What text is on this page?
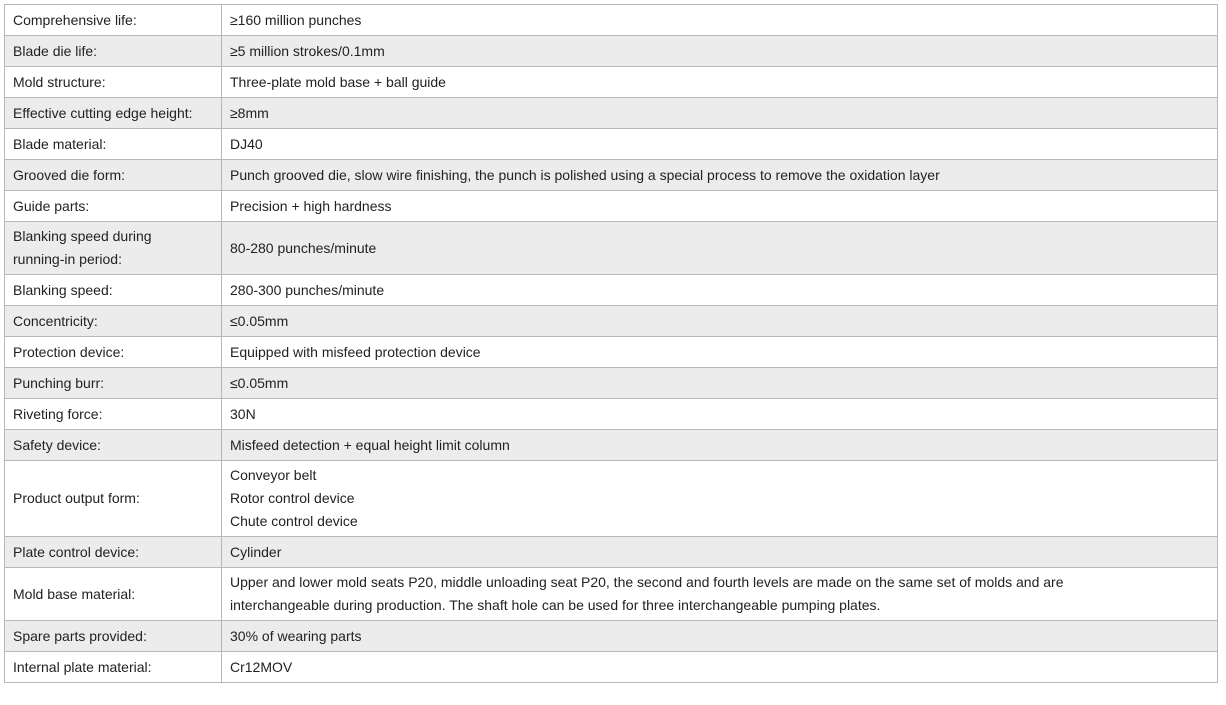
Comprehensive life:	≥160 million punches
Blade die life:	≥5 million strokes/0.1mm
Mold structure:	Three-plate mold base + ball guide
Effective cutting edge height:	≥8mm
Blade material:	DJ40
Grooved die form:	Punch grooved die, slow wire finishing, the punch is polished using a special process to remove the oxidation layer
Guide parts:	Precision + high hardness

Blanking speed during
running-in period:	80-280 punches/minute
Blanking speed:	280-300 punches/minute
Concentricity:	≤0.05mm
Protection device:	Equipped with misfeed protection device
Punching burr:	≤0.05mm
Riveting force:	30N
Safety device:	Misfeed detection + equal height limit column
Product output form:	Conveyor belt
Rotor control device
Chute control device

Plate control device:	Cylinder
Mold base material:	Upper and lower mold seats P20, middle unloading seat P20, the second and fourth levels are made on the same set of molds and are
interchangeable during production. The shaft hole can be used for three interchangeable pumping plates.

Spare parts provided:	30% of wearing parts
Internal plate material:	Cr12MOV
